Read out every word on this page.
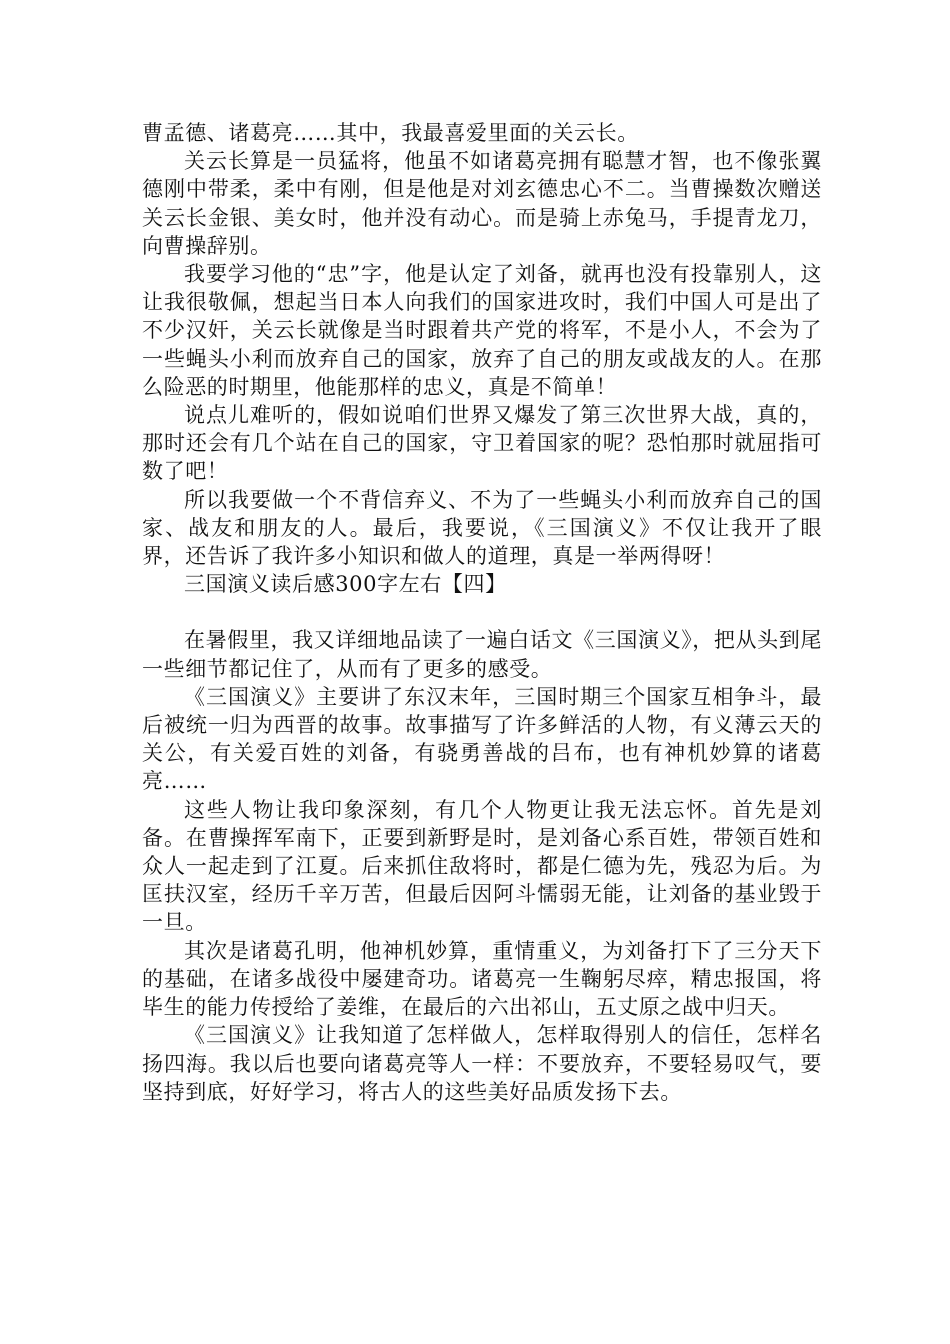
曹孟德、诸葛亮……其中，我最喜爱里面的关云长。

关云长算是一员猛将，他虽不如诸葛亮拥有聪慧才智，也不像张翼德刚中带柔，柔中有刚，但是他是对刘玄德忠心不二。当曹操数次赠送关云长金银、美女时，他并没有动心。而是骑上赤兔马，手提青龙刀，向曹操辞别。

我要学习他的“忠”字，他是认定了刘备，就再也没有投靠别人，这让我很敬佩，想起当日本人向我们的国家进攻时，我们中国人可是出了不少汉奸，关云长就像是当时跟着共产党的将军，不是小人，不会为了一些蝇头小利而放弃自己的国家，放弃了自己的朋友或战友的人。在那么险恶的时期里，他能那样的忠义，真是不简单！

说点儿难听的，假如说咱们世界又爆发了第三次世界大战，真的，那时还会有几个站在自己的国家，守卫着国家的呢？恐怕那时就屈指可数了吧！

所以我要做一个不背信弃义、不为了一些蝇头小利而放弃自己的国家、战友和朋友的人。最后，我要说，《三国演义》不仅让我开了眼界，还告诉了我许多小知识和做人的道理，真是一举两得呀！

三国演义读后感300字左右【四】

在暑假里，我又详细地品读了一遍白话文《三国演义》，把从头到尾一些细节都记住了，从而有了更多的感受。

《三国演义》主要讲了东汉末年，三国时期三个国家互相争斗，最后被统一归为西晋的故事。故事描写了许多鲜活的人物，有义薄云天的关公，有关爱百姓的刘备，有骁勇善战的吕布，也有神机妙算的诸葛亮……

这些人物让我印象深刻，有几个人物更让我无法忘怀。首先是刘备。在曹操挥军南下，正要到新野是时，是刘备心系百姓，带领百姓和众人一起走到了江夏。后来抓住敌将时，都是仁德为先，残忍为后。为匡扶汉室，经历千辛万苦，但最后因阿斗懦弱无能，让刘备的基业毁于一旦。

其次是诸葛孔明，他神机妙算，重情重义，为刘备打下了三分天下的基础，在诸多战役中屡建奇功。诸葛亮一生鞠躬尽瘁，精忠报国，将毕生的能力传授给了姜维，在最后的六出祁山，五丈原之战中归天。

《三国演义》让我知道了怎样做人，怎样取得别人的信任，怎样名扬四海。我以后也要向诸葛亮等人一样：不要放弃，不要轻易叹气，要坚持到底，好好学习，将古人的这些美好品质发扬下去。
